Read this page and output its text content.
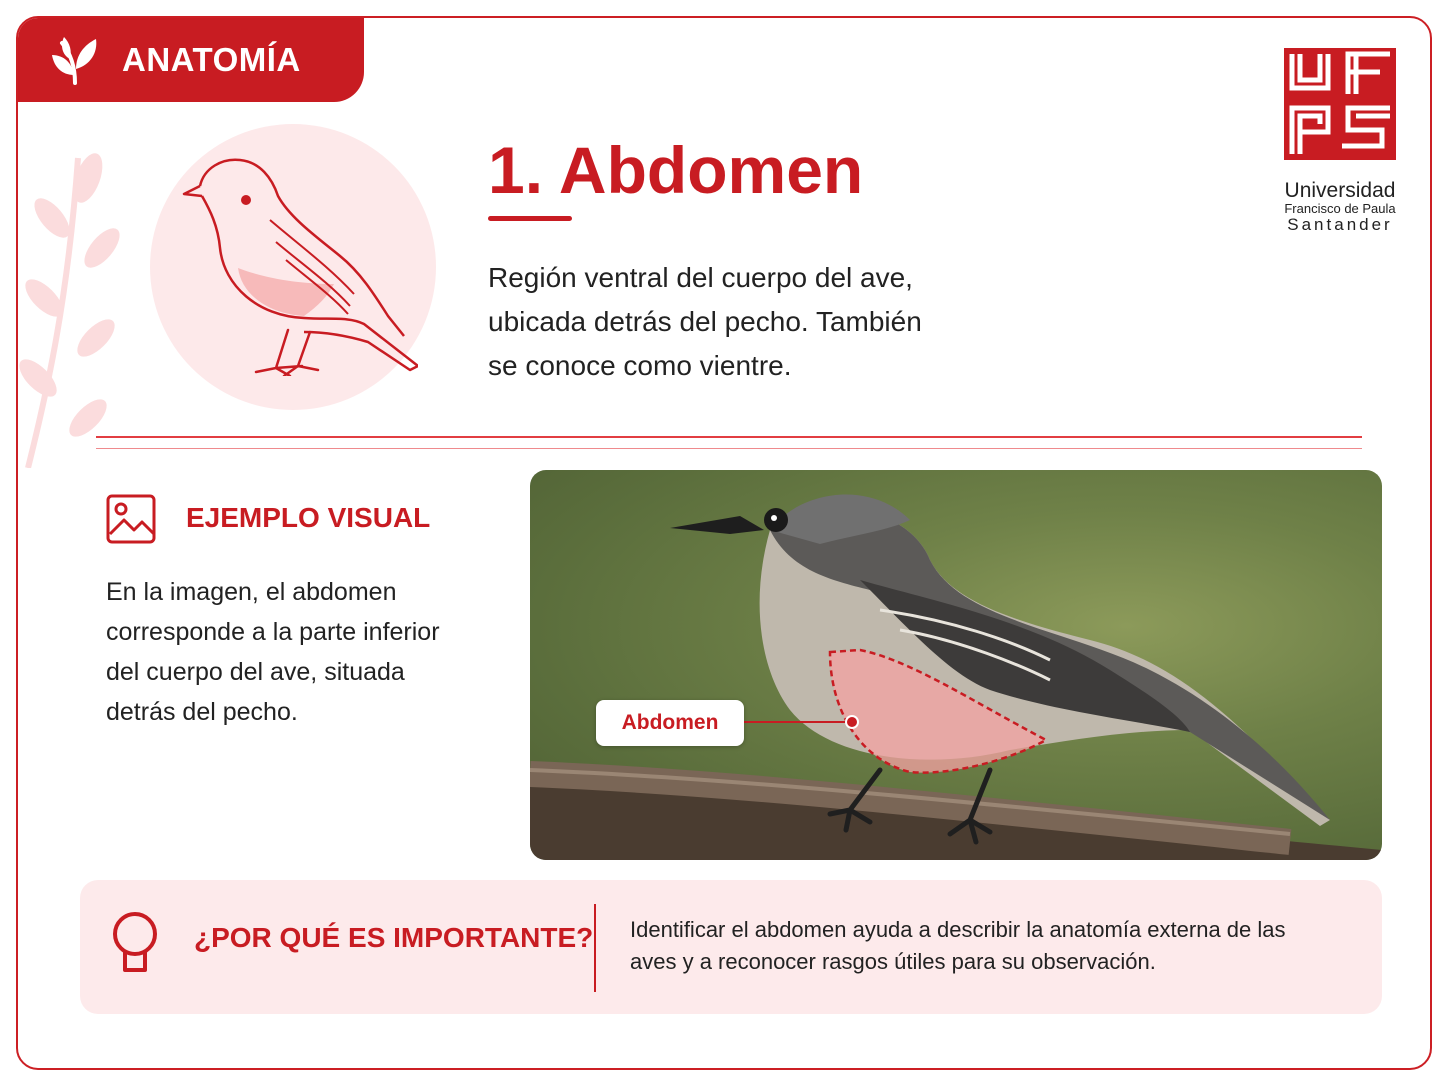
ANATOMÍA
1. Abdomen

Región ventral del cuerpo del ave, ubicada detrás del pecho. También se conoce como vientre.

UFPS
Universidad
Francisco de Paula
Santander
EJEMPLO VISUAL

En la imagen, el abdomen corresponde a la parte inferior del cuerpo del ave, situada detrás del pecho.	Abdomen
¿POR QUÉ ES IMPORTANTE? Identificar el abdomen ayuda a describir la anatomía externa de las aves y a reconocer rasgos útiles para su observación.
